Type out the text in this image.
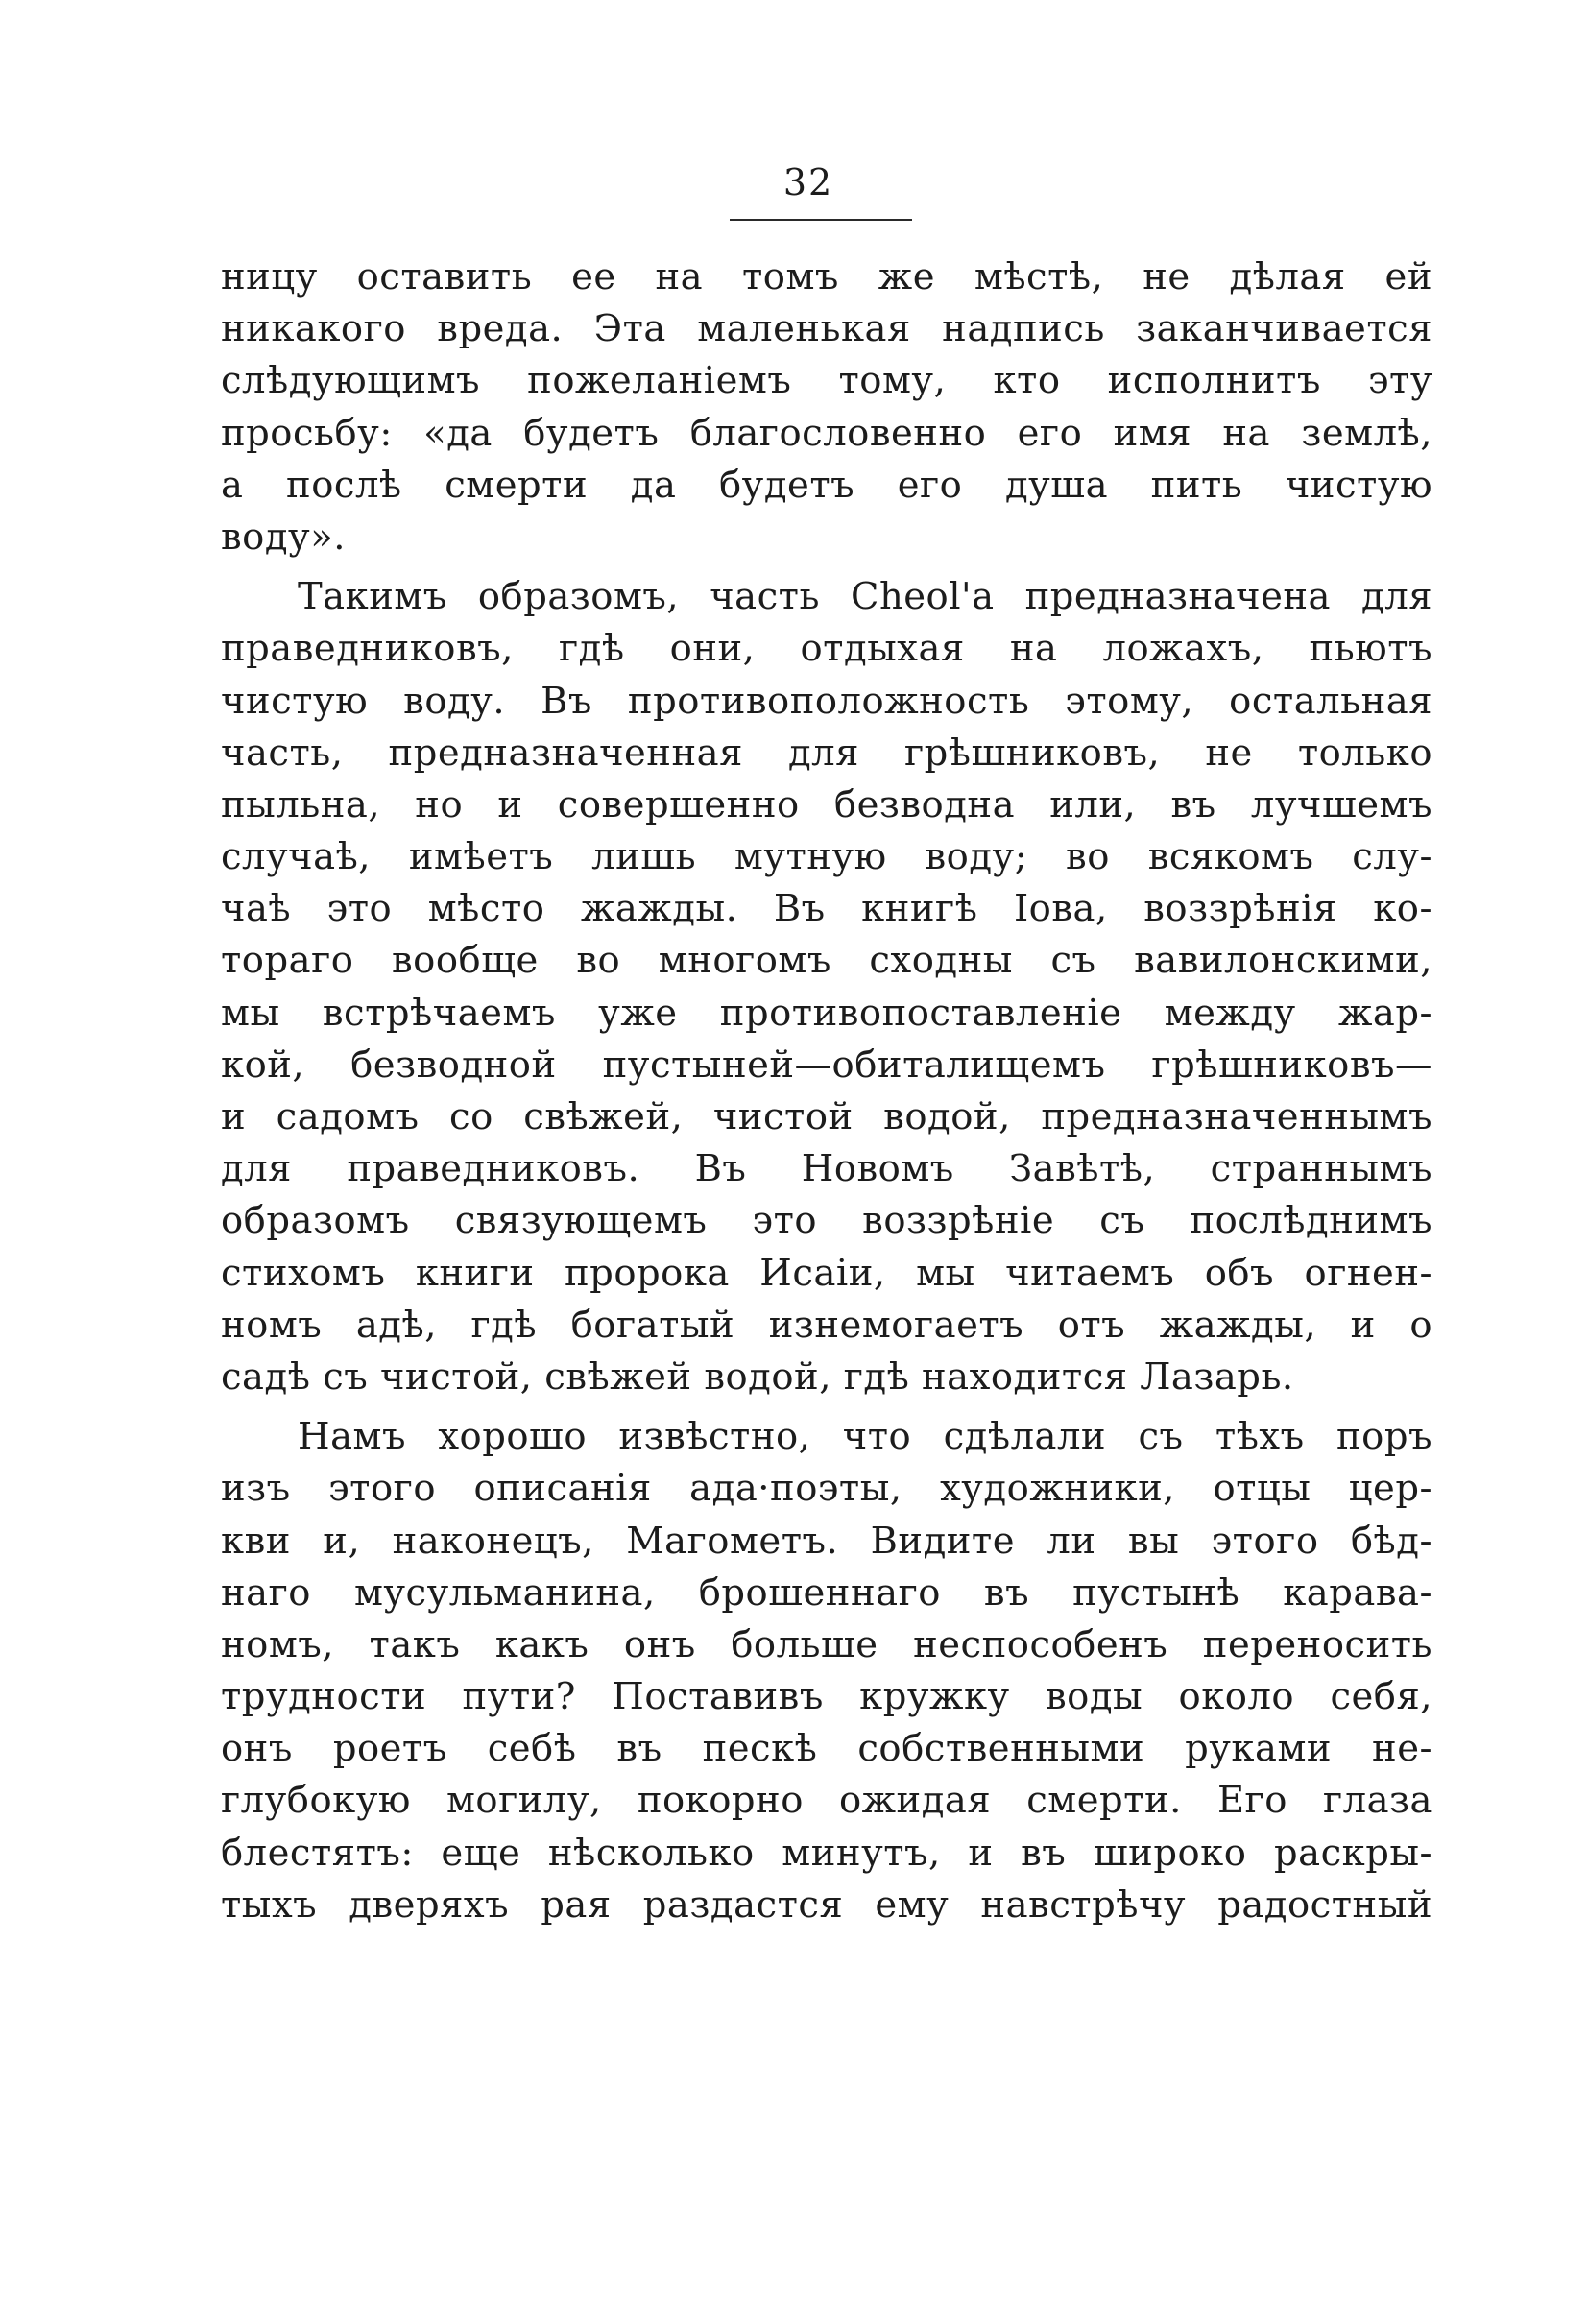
32
ницу оставить ее на томъ же мѣстѣ, не дѣлая ей
никакого вреда. Эта маленькая надпись заканчивается
слѣдующимъ пожеланіемъ тому, кто исполнитъ эту
просьбу: «да будетъ благословенно его имя на землѣ,
а послѣ смерти да будетъ его душа пить чистую
воду».
Такимъ образомъ, часть Сheol'а предназначена для
праведниковъ, гдѣ они, отдыхая на ложахъ, пьютъ
чистую воду. Въ противоположность этому, остальная
часть, предназначенная для грѣшниковъ, не только
пыльна, но и совершенно безводна или, въ лучшемъ
случаѣ, имѣетъ лишь мутную воду; во всякомъ слу-
чаѣ это мѣсто жажды. Въ книгѣ Іова, воззрѣнія ко-
тораго вообще во многомъ сходны съ вавилонскими,
мы встрѣчаемъ уже противопоставленіе между жар-
кой, безводной пустыней—обиталищемъ грѣшниковъ—
и садомъ со свѣжей, чистой водой, предназначеннымъ
для праведниковъ. Въ Новомъ Завѣтѣ, страннымъ
образомъ связующемъ это воззрѣніе съ послѣднимъ
стихомъ книги пророка Исаіи, мы читаемъ объ огнен-
номъ адѣ, гдѣ богатый изнемогаетъ отъ жажды, и о
садѣ съ чистой, свѣжей водой, гдѣ находится Лазарь.
Намъ хорошо извѣстно, что сдѣлали съ тѣхъ поръ
изъ этого описанія ада·поэты, художники, отцы цер-
кви и, наконецъ, Магометъ. Видите ли вы этого бѣд-
наго мусульманина, брошеннаго въ пустынѣ карава-
номъ, такъ какъ онъ больше неспособенъ переносить
трудности пути? Поставивъ кружку воды около себя,
онъ роетъ себѣ въ пескѣ собственными руками не-
глубокую могилу, покорно ожидая смерти. Его глаза
блестятъ: еще нѣсколько минутъ, и въ широко раскры-
тыхъ дверяхъ рая раздастся ему навстрѣчу радостный
